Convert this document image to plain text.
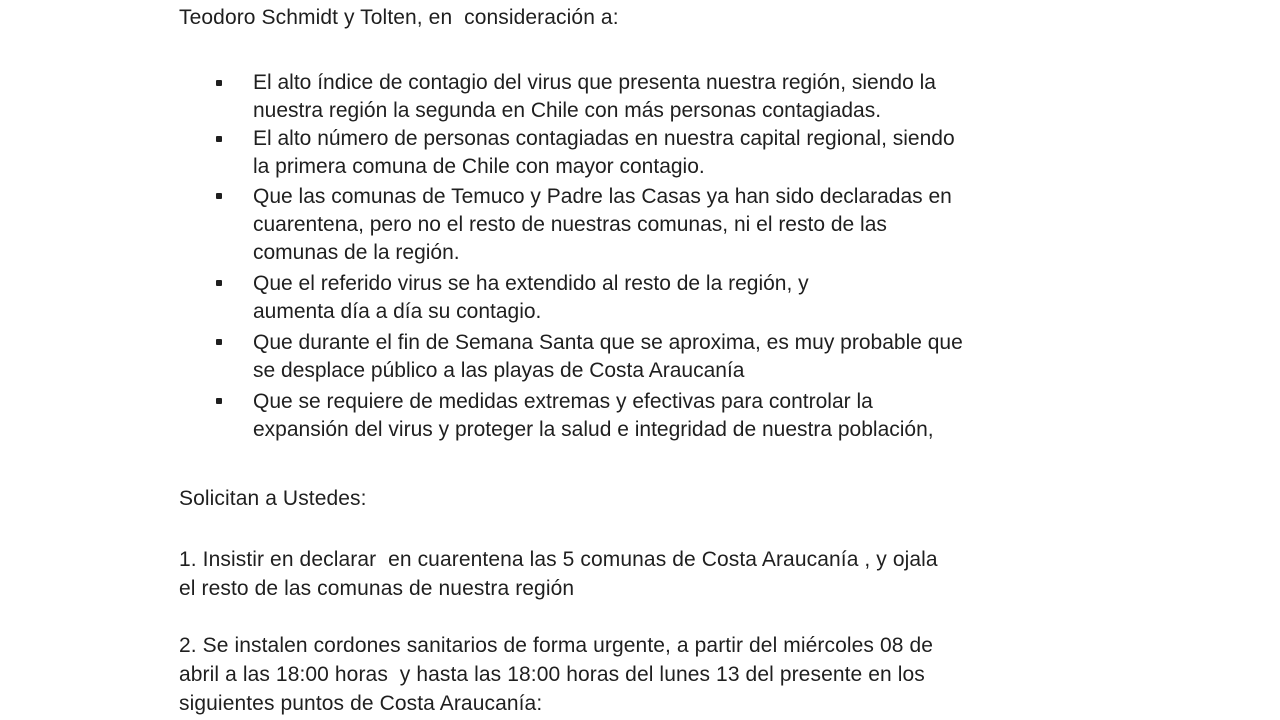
Teodoro Schmidt y Tolten, en  consideración a:
El alto índice de contagio del virus que presenta nuestra región, siendo la
nuestra región la segunda en Chile con más personas contagiadas.
El alto número de personas contagiadas en nuestra capital regional, siendo
la primera comuna de Chile con mayor contagio.
Que las comunas de Temuco y Padre las Casas ya han sido declaradas en
cuarentena, pero no el resto de nuestras comunas, ni el resto de las
comunas de la región.
Que el referido virus se ha extendido al resto de la región, y
aumenta día a día su contagio.
Que durante el fin de Semana Santa que se aproxima, es muy probable que
se desplace público a las playas de Costa Araucanía
Que se requiere de medidas extremas y efectivas para controlar la
expansión del virus y proteger la salud e integridad de nuestra población,
Solicitan a Ustedes:
1. Insistir en declarar  en cuarentena las 5 comunas de Costa Araucanía , y ojala
el resto de las comunas de nuestra región
2. Se instalen cordones sanitarios de forma urgente, a partir del miércoles 08 de
abril a las 18:00 horas  y hasta las 18:00 horas del lunes 13 del presente en los
siguientes puntos de Costa Araucanía:
